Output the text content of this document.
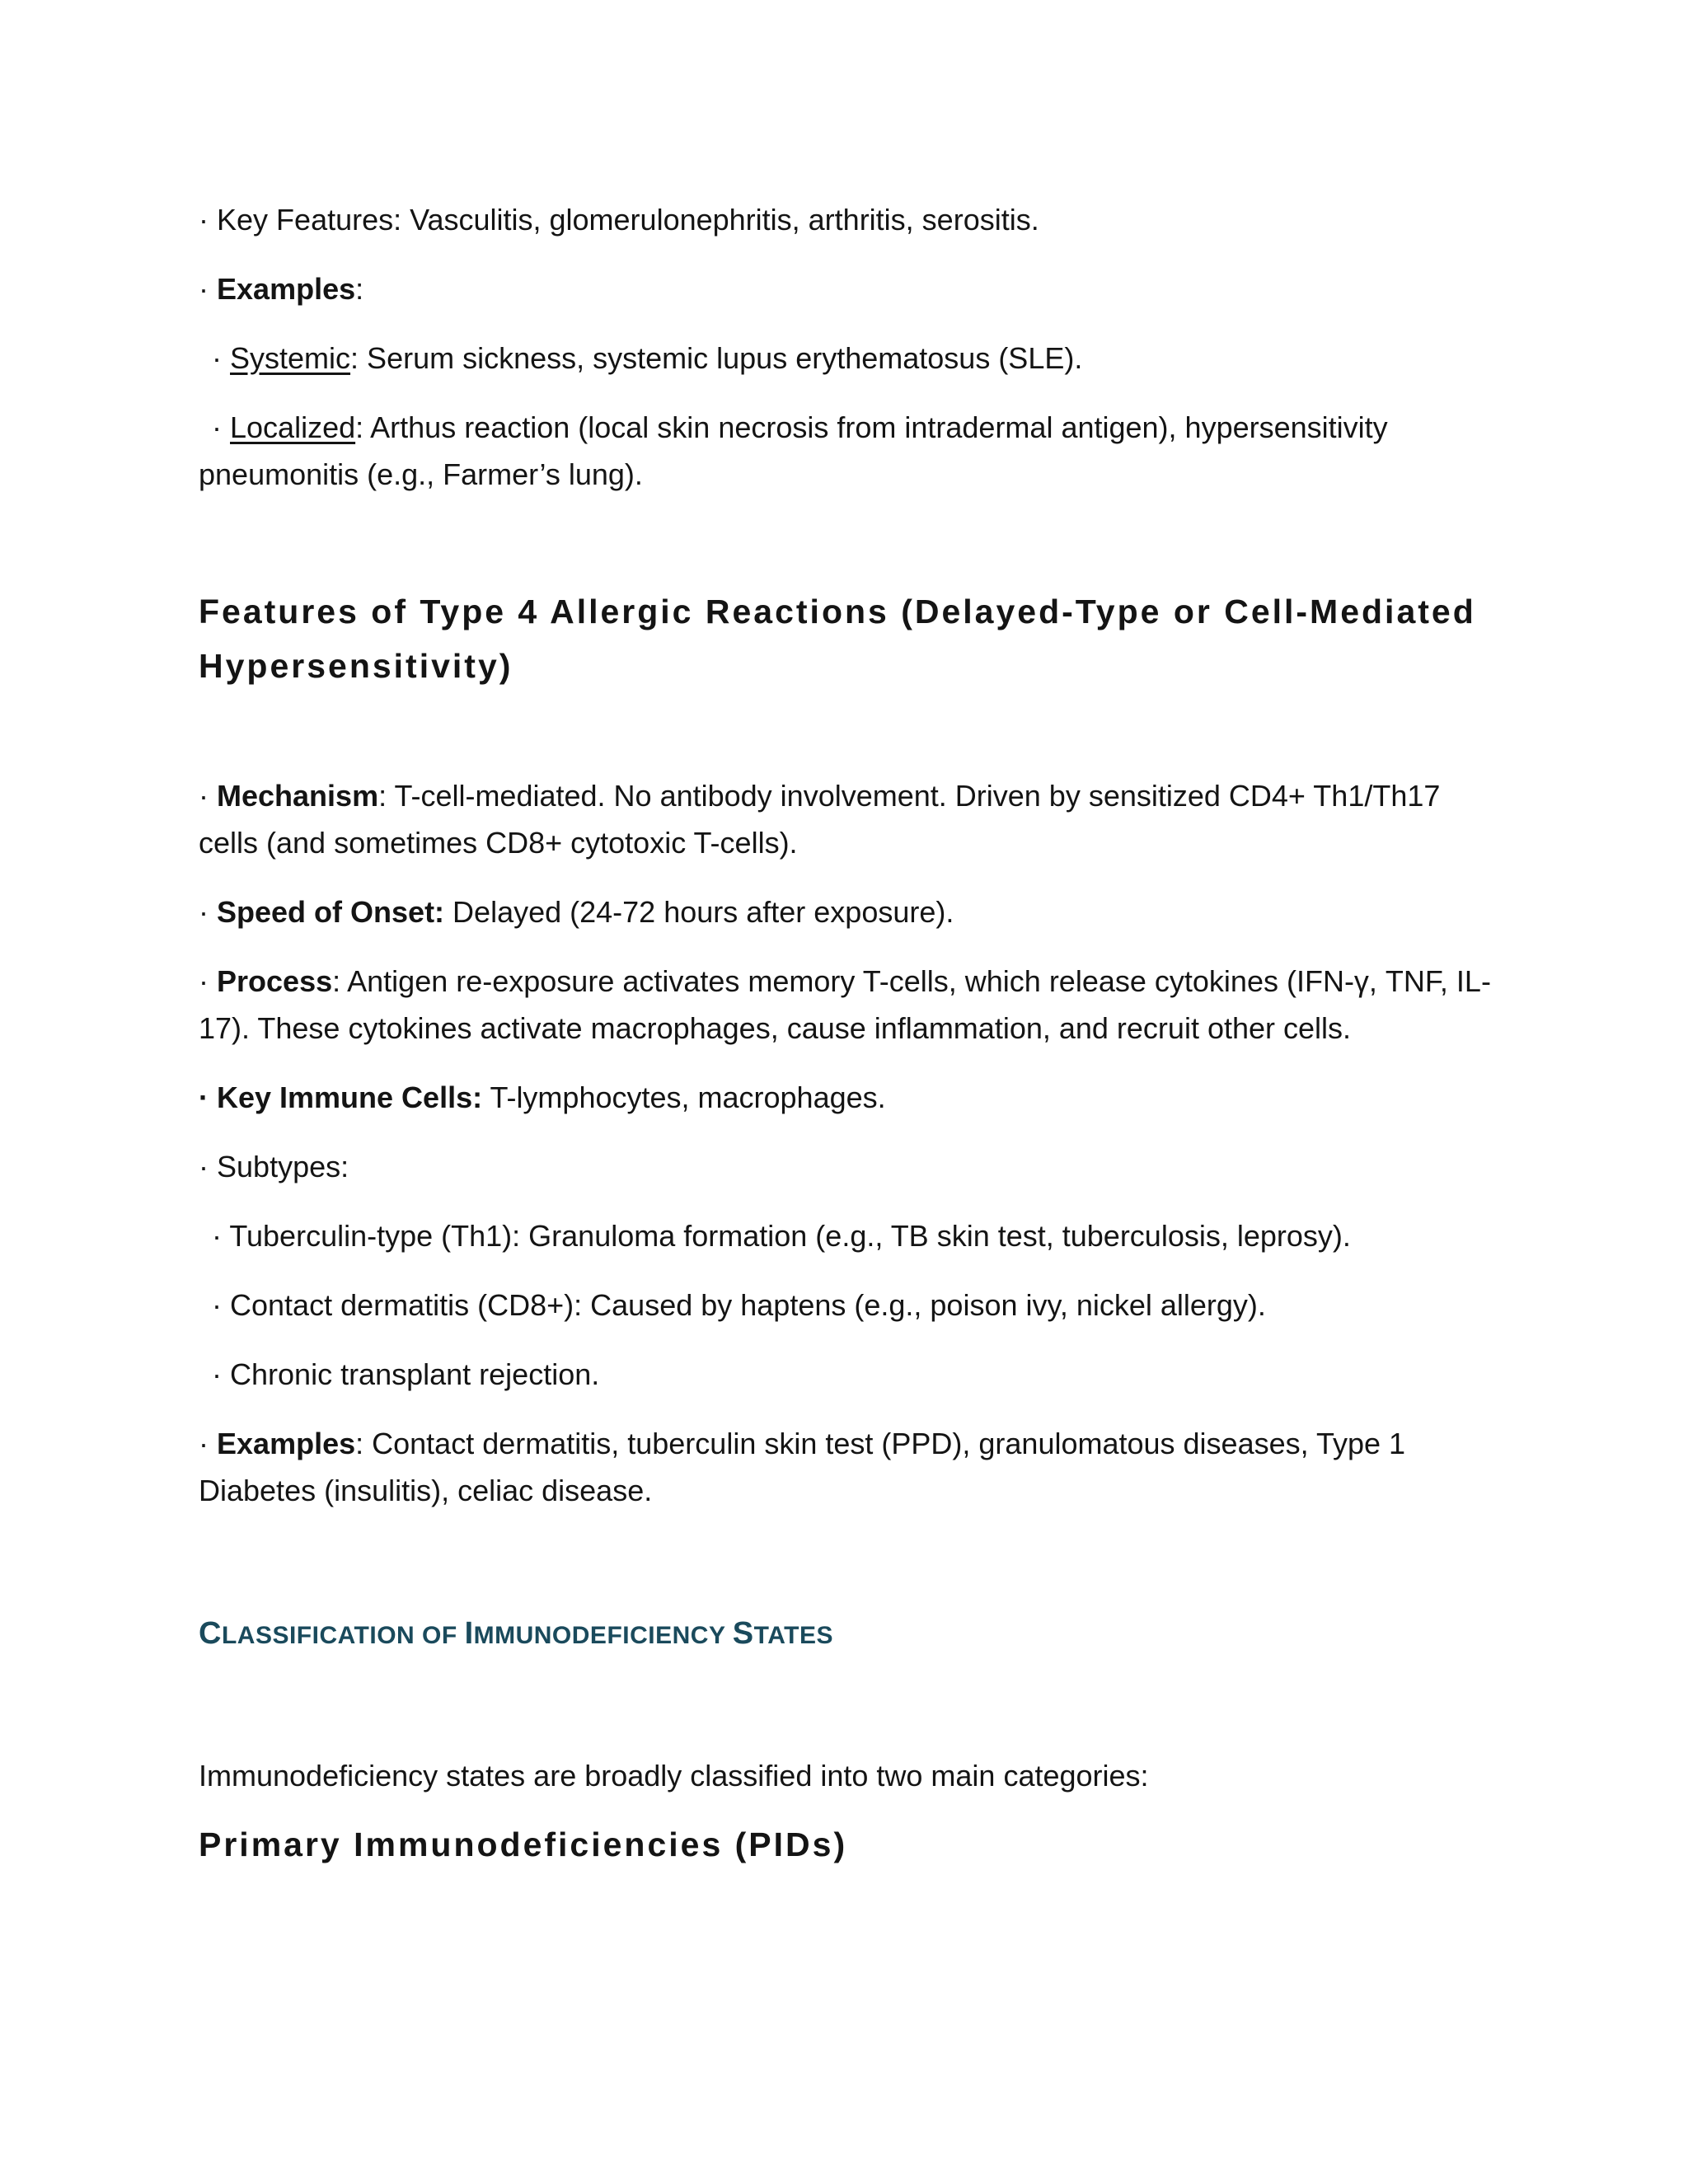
· Key Features: Vasculitis, glomerulonephritis, arthritis, serositis.

· Examples:

· Systemic: Serum sickness, systemic lupus erythematosus (SLE).

· Localized: Arthus reaction (local skin necrosis from intradermal antigen), hypersensitivity pneumonitis (e.g., Farmer’s lung).

Features of Type 4 Allergic Reactions (Delayed-Type or Cell-Mediated Hypersensitivity)

· Mechanism: T-cell-mediated. No antibody involvement. Driven by sensitized CD4+ Th1/Th17 cells (and sometimes CD8+ cytotoxic T-cells).

· Speed of Onset: Delayed (24-72 hours after exposure).

· Process: Antigen re-exposure activates memory T-cells, which release cytokines (IFN-γ, TNF, IL-17). These cytokines activate macrophages, cause inflammation, and recruit other cells.

· Key Immune Cells: T-lymphocytes, macrophages.

· Subtypes:

· Tuberculin-type (Th1): Granuloma formation (e.g., TB skin test, tuberculosis, leprosy).

· Contact dermatitis (CD8+): Caused by haptens (e.g., poison ivy, nickel allergy).

· Chronic transplant rejection.

· Examples: Contact dermatitis, tuberculin skin test (PPD), granulomatous diseases, Type 1 Diabetes (insulitis), celiac disease.

CLASSIFICATION OF IMMUNODEFICIENCY STATES

Immunodeficiency states are broadly classified into two main categories:

Primary Immunodeficiencies (PIDs)
